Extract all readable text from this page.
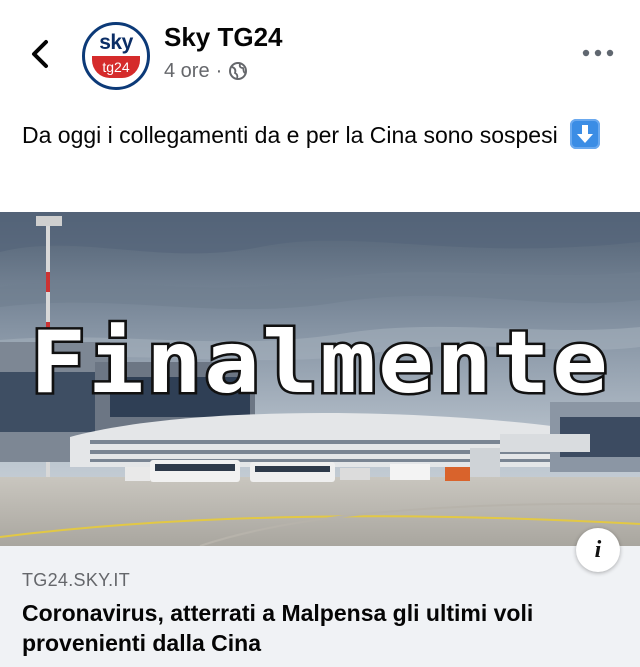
sky
tg24
Sky TG24
4 ore ·
Da oggi i collegamenti da e per la Cina sono sospesi
Finalmente
TG24.SKY.IT
Coronavirus, atterrati a Malpensa gli ultimi voli provenienti dalla Cina
i
